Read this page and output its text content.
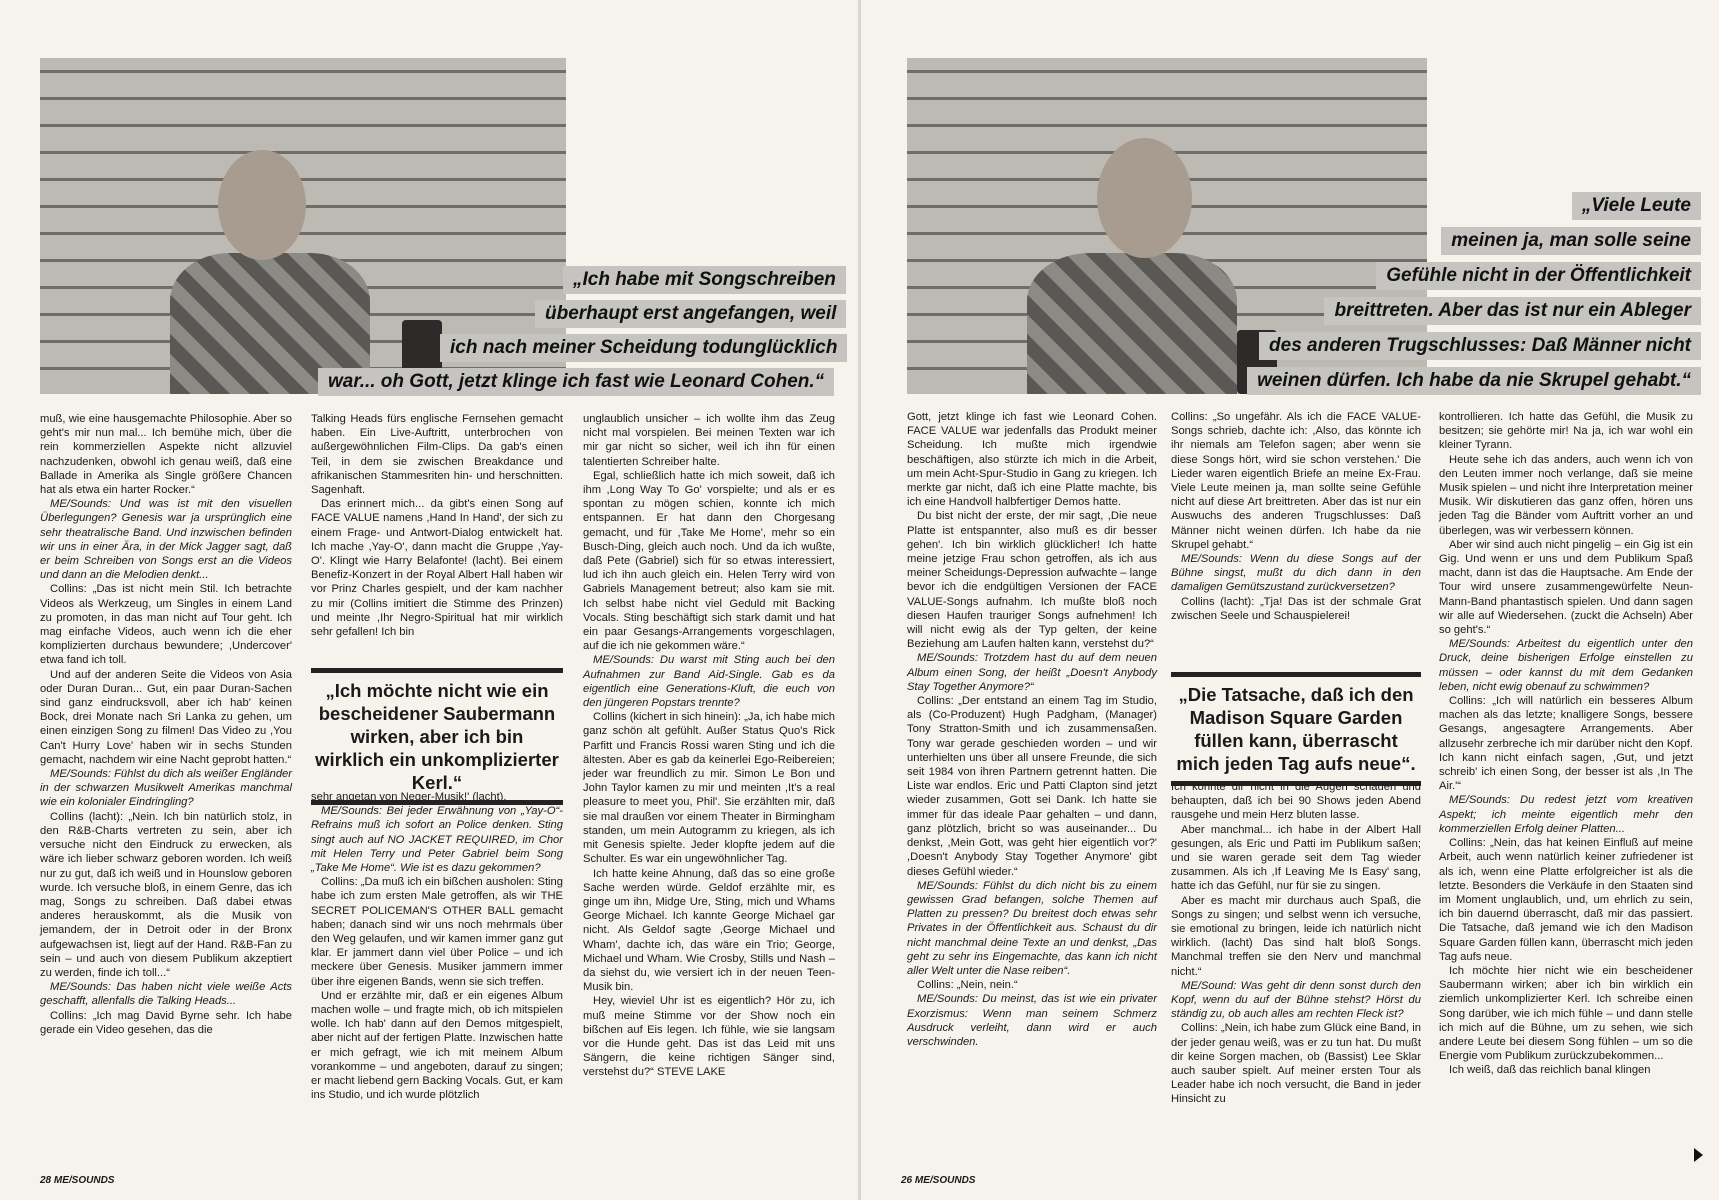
„Ich habe mit Songschreiben
überhaupt erst angefangen, weil
ich nach meiner Scheidung todunglücklich
war... oh Gott, jetzt klinge ich fast wie Leonard Cohen.“

muß, wie eine hausgemachte Philosophie. Aber so geht's mir nun mal... Ich bemühe mich, über die rein kommerziellen Aspekte nicht allzuviel nachzudenken, obwohl ich genau weiß, daß eine Ballade in Amerika als Single größere Chancen hat als etwa ein harter Rocker.“

ME/Sounds: Und was ist mit den visuellen Überlegungen? Genesis war ja ursprünglich eine sehr theatralische Band. Und inzwischen befinden wir uns in einer Ära, in der Mick Jagger sagt, daß er beim Schreiben von Songs erst an die Videos und dann an die Melodien denkt...

Collins: „Das ist nicht mein Stil. Ich betrachte Videos als Werkzeug, um Singles in einem Land zu promoten, in das man nicht auf Tour geht. Ich mag einfache Videos, auch wenn ich die eher komplizierten durchaus bewundere; ,Undercover' etwa fand ich toll.

Und auf der anderen Seite die Videos von Asia oder Duran Duran... Gut, ein paar Duran-Sachen sind ganz eindrucksvoll, aber ich hab' keinen Bock, drei Monate nach Sri Lanka zu gehen, um einen einzigen Song zu filmen! Das Video zu ,You Can't Hurry Love' haben wir in sechs Stunden gemacht, nachdem wir eine Nacht geprobt hatten.“

ME/Sounds: Fühlst du dich als weißer Engländer in der schwarzen Musikwelt Amerikas manchmal wie ein kolonialer Eindringling?

Collins (lacht): „Nein. Ich bin natürlich stolz, in den R&B-Charts vertreten zu sein, aber ich versuche nicht den Eindruck zu erwecken, als wäre ich lieber schwarz geboren worden. Ich weiß nur zu gut, daß ich weiß und in Hounslow geboren wurde. Ich versuche bloß, in einem Genre, das ich mag, Songs zu schreiben. Daß dabei etwas anderes herauskommt, als die Musik von jemandem, der in Detroit oder in der Bronx aufgewachsen ist, liegt auf der Hand. R&B-Fan zu sein – und auch von diesem Publikum akzeptiert zu werden, finde ich toll...“

ME/Sounds: Das haben nicht viele weiße Acts geschafft, allenfalls die Talking Heads...

Collins: „Ich mag David Byrne sehr. Ich habe gerade ein Video gesehen, das die

Talking Heads fürs englische Fernsehen gemacht haben. Ein Live-Auftritt, unterbrochen von außergewöhnlichen Film-Clips. Da gab's einen Teil, in dem sie zwischen Breakdance und afrikanischen Stammesriten hin- und herschnitten. Sagenhaft.

Das erinnert mich... da gibt's einen Song auf FACE VALUE namens ,Hand In Hand', der sich zu einem Frage- und Antwort-Dialog entwickelt hat. Ich mache ,Yay-O', dann macht die Gruppe ,Yay-O'. Klingt wie Harry Belafonte! (lacht). Bei einem Benefiz-Konzert in der Royal Albert Hall haben wir vor Prinz Charles gespielt, und der kam nachher zu mir (Collins imitiert die Stimme des Prinzen) und meinte ,Ihr Negro-Spiritual hat mir wirklich sehr gefallen! Ich bin

„Ich möchte nicht wie ein bescheidener Saubermann wirken, aber ich bin wirklich ein unkomplizierter Kerl.“

sehr angetan von Neger-Musik!' (lacht).

ME/Sounds: Bei jeder Erwähnung von „Yay-O“-Refrains muß ich sofort an Police denken. Sting singt auch auf NO JACKET REQUIRED, im Chor mit Helen Terry und Peter Gabriel beim Song „Take Me Home“. Wie ist es dazu gekommen?

Collins: „Da muß ich ein bißchen ausholen: Sting habe ich zum ersten Male getroffen, als wir THE SECRET POLICEMAN'S OTHER BALL gemacht haben; danach sind wir uns noch mehrmals über den Weg gelaufen, und wir kamen immer ganz gut klar. Er jammert dann viel über Police – und ich meckere über Genesis. Musiker jammern immer über ihre eigenen Bands, wenn sie sich treffen.

Und er erzählte mir, daß er ein eigenes Album machen wolle – und fragte mich, ob ich mitspielen wolle. Ich hab' dann auf den Demos mitgespielt, aber nicht auf der fertigen Platte. Inzwischen hatte er mich gefragt, wie ich mit meinem Album vorankomme – und angeboten, darauf zu singen; er macht liebend gern Backing Vocals. Gut, er kam ins Studio, und ich wurde plötzlich

unglaublich unsicher – ich wollte ihm das Zeug nicht mal vorspielen. Bei meinen Texten war ich mir gar nicht so sicher, weil ich ihn für einen talentierten Schreiber halte.

Egal, schließlich hatte ich mich soweit, daß ich ihm ,Long Way To Go' vorspielte; und als er es spontan zu mögen schien, konnte ich mich entspannen. Er hat dann den Chorgesang gemacht, und für ,Take Me Home', mehr so ein Busch-Ding, gleich auch noch. Und da ich wußte, daß Pete (Gabriel) sich für so etwas interessiert, lud ich ihn auch gleich ein. Helen Terry wird von Gabriels Management betreut; also kam sie mit. Ich selbst habe nicht viel Geduld mit Backing Vocals. Sting beschäftigt sich stark damit und hat ein paar Gesangs-Arrangements vorgeschlagen, auf die ich nie gekommen wäre.“

ME/Sounds: Du warst mit Sting auch bei den Aufnahmen zur Band Aid-Single. Gab es da eigentlich eine Generations-Kluft, die euch von den jüngeren Popstars trennte?

Collins (kichert in sich hinein): „Ja, ich habe mich ganz schön alt gefühlt. Außer Status Quo's Rick Parfitt und Francis Rossi waren Sting und ich die ältesten. Aber es gab da keinerlei Ego-Reibereien; jeder war freundlich zu mir. Simon Le Bon und John Taylor kamen zu mir und meinten ,It's a real pleasure to meet you, Phil'. Sie erzählten mir, daß sie mal draußen vor einem Theater in Birmingham standen, um mein Autogramm zu kriegen, als ich mit Genesis spielte. Jeder klopfte jedem auf die Schulter. Es war ein ungewöhnlicher Tag.

Ich hatte keine Ahnung, daß das so eine große Sache werden würde. Geldof erzählte mir, es ginge um ihn, Midge Ure, Sting, mich und Whams George Michael. Ich kannte George Michael gar nicht. Als Geldof sagte ,George Michael und Wham', dachte ich, das wäre ein Trio; George, Michael und Wham. Wie Crosby, Stills und Nash – da siehst du, wie versiert ich in der neuen Teen-Musik bin.

Hey, wieviel Uhr ist es eigentlich? Hör zu, ich muß meine Stimme vor der Show noch ein bißchen auf Eis legen. Ich fühle, wie sie langsam vor die Hunde geht. Das ist das Leid mit uns Sängern, die keine richtigen Sänger sind, verstehst du?“ STEVE LAKE

28 ME/SOUNDS
„Viele Leute
meinen ja, man solle seine
Gefühle nicht in der Öffentlichkeit
breittreten. Aber das ist nur ein Ableger
des anderen Trugschlusses: Daß Männer nicht
weinen dürfen. Ich habe da nie Skrupel gehabt.“

Gott, jetzt klinge ich fast wie Leonard Cohen. FACE VALUE war jedenfalls das Produkt meiner Scheidung. Ich mußte mich irgendwie beschäftigen, also stürzte ich mich in die Arbeit, um mein Acht-Spur-Studio in Gang zu kriegen. Ich merkte gar nicht, daß ich eine Platte machte, bis ich eine Handvoll halbfertiger Demos hatte.

Du bist nicht der erste, der mir sagt, ,Die neue Platte ist entspannter, also muß es dir besser gehen'. Ich bin wirklich glücklicher! Ich hatte meine jetzige Frau schon getroffen, als ich aus meiner Scheidungs-Depression aufwachte – lange bevor ich die endgültigen Versionen der FACE VALUE-Songs aufnahm. Ich mußte bloß noch diesen Haufen trauriger Songs aufnehmen! Ich will nicht ewig als der Typ gelten, der keine Beziehung am Laufen halten kann, verstehst du?“

ME/Sounds: Trotzdem hast du auf dem neuen Album einen Song, der heißt „Doesn't Anybody Stay Together Anymore?“

Collins: „Der entstand an einem Tag im Studio, als (Co-Produzent) Hugh Padgham, (Manager) Tony Stratton-Smith und ich zusammensaßen. Tony war gerade geschieden worden – und wir unterhielten uns über all unsere Freunde, die sich seit 1984 von ihren Partnern getrennt hatten. Die Liste war endlos. Eric und Patti Clapton sind jetzt wieder zusammen, Gott sei Dank. Ich hatte sie immer für das ideale Paar gehalten – und dann, ganz plötzlich, bricht so was auseinander... Du denkst, ,Mein Gott, was geht hier eigentlich vor?' ,Doesn't Anybody Stay Together Anymore' gibt dieses Gefühl wieder.“

ME/Sounds: Fühlst du dich nicht bis zu einem gewissen Grad befangen, solche Themen auf Platten zu pressen? Du breitest doch etwas sehr Privates in der Öffentlichkeit aus. Schaust du dir nicht manchmal deine Texte an und denkst, „Das geht zu sehr ins Eingemachte, das kann ich nicht aller Welt unter die Nase reiben“.

Collins: „Nein, nein.“

ME/Sounds: Du meinst, das ist wie ein privater Exorzismus: Wenn man seinem Schmerz Ausdruck verleiht, dann wird er auch verschwinden.

Collins: „So ungefähr. Als ich die FACE VALUE-Songs schrieb, dachte ich: ,Also, das könnte ich ihr niemals am Telefon sagen; aber wenn sie diese Songs hört, wird sie schon verstehen.' Die Lieder waren eigentlich Briefe an meine Ex-Frau. Viele Leute meinen ja, man sollte seine Gefühle nicht auf diese Art breittreten. Aber das ist nur ein Auswuchs des anderen Trugschlusses: Daß Männer nicht weinen dürfen. Ich habe da nie Skrupel gehabt.“

ME/Sounds: Wenn du diese Songs auf der Bühne singst, mußt du dich dann in den damaligen Gemütszustand zurückversetzen?

Collins (lacht): „Tja! Das ist der schmale Grat zwischen Seele und Schauspielerei!

„Die Tatsache, daß ich den Madison Square Garden füllen kann, überrascht mich jeden Tag aufs neue“.

Ich könnte dir nicht in die Augen schauen und behaupten, daß ich bei 90 Shows jeden Abend rausgehe und mein Herz bluten lasse.

Aber manchmal... ich habe in der Albert Hall gesungen, als Eric und Patti im Publikum saßen; und sie waren gerade seit dem Tag wieder zusammen. Als ich ,If Leaving Me Is Easy' sang, hatte ich das Gefühl, nur für sie zu singen.

Aber es macht mir durchaus auch Spaß, die Songs zu singen; und selbst wenn ich versuche, sie emotional zu bringen, leide ich natürlich nicht wirklich. (lacht) Das sind halt bloß Songs. Manchmal treffen sie den Nerv und manchmal nicht.“

ME/Sound: Was geht dir denn sonst durch den Kopf, wenn du auf der Bühne stehst? Hörst du ständig zu, ob auch alles am rechten Fleck ist?

Collins: „Nein, ich habe zum Glück eine Band, in der jeder genau weiß, was er zu tun hat. Du mußt dir keine Sorgen machen, ob (Bassist) Lee Sklar auch sauber spielt. Auf meiner ersten Tour als Leader habe ich noch versucht, die Band in jeder Hinsicht zu

kontrollieren. Ich hatte das Gefühl, die Musik zu besitzen; sie gehörte mir! Na ja, ich war wohl ein kleiner Tyrann.

Heute sehe ich das anders, auch wenn ich von den Leuten immer noch verlange, daß sie meine Musik spielen – und nicht ihre Interpretation meiner Musik. Wir diskutieren das ganz offen, hören uns jeden Tag die Bänder vom Auftritt vorher an und überlegen, was wir verbessern können.

Aber wir sind auch nicht pingelig – ein Gig ist ein Gig. Und wenn er uns und dem Publikum Spaß macht, dann ist das die Hauptsache. Am Ende der Tour wird unsere zusammengewürfelte Neun-Mann-Band phantastisch spielen. Und dann sagen wir alle auf Wiedersehen. (zuckt die Achseln) Aber so geht's.“

ME/Sounds: Arbeitest du eigentlich unter den Druck, deine bisherigen Erfolge einstellen zu müssen – oder kannst du mit dem Gedanken leben, nicht ewig obenauf zu schwimmen?

Collins: „Ich will natürlich ein besseres Album machen als das letzte; knalligere Songs, bessere Gesangs, angesagtere Arrangements. Aber allzusehr zerbreche ich mir darüber nicht den Kopf. Ich kann nicht einfach sagen, ,Gut, und jetzt schreib' ich einen Song, der besser ist als ,In The Air.'“

ME/Sounds: Du redest jetzt vom kreativen Aspekt; ich meinte eigentlich mehr den kommerziellen Erfolg deiner Platten...

Collins: „Nein, das hat keinen Einfluß auf meine Arbeit, auch wenn natürlich keiner zufriedener ist als ich, wenn eine Platte erfolgreicher ist als die letzte. Besonders die Verkäufe in den Staaten sind im Moment unglaublich, und, um ehrlich zu sein, ich bin dauernd überrascht, daß mir das passiert. Die Tatsache, daß jemand wie ich den Madison Square Garden füllen kann, überrascht mich jeden Tag aufs neue.

Ich möchte hier nicht wie ein bescheidener Saubermann wirken; aber ich bin wirklich ein ziemlich unkomplizierter Kerl. Ich schreibe einen Song darüber, wie ich mich fühle – und dann stelle ich mich auf die Bühne, um zu sehen, wie sich andere Leute bei diesem Song fühlen – um so die Energie vom Publikum zurückzubekommen...

Ich weiß, daß das reichlich banal klingen

26 ME/SOUNDS
